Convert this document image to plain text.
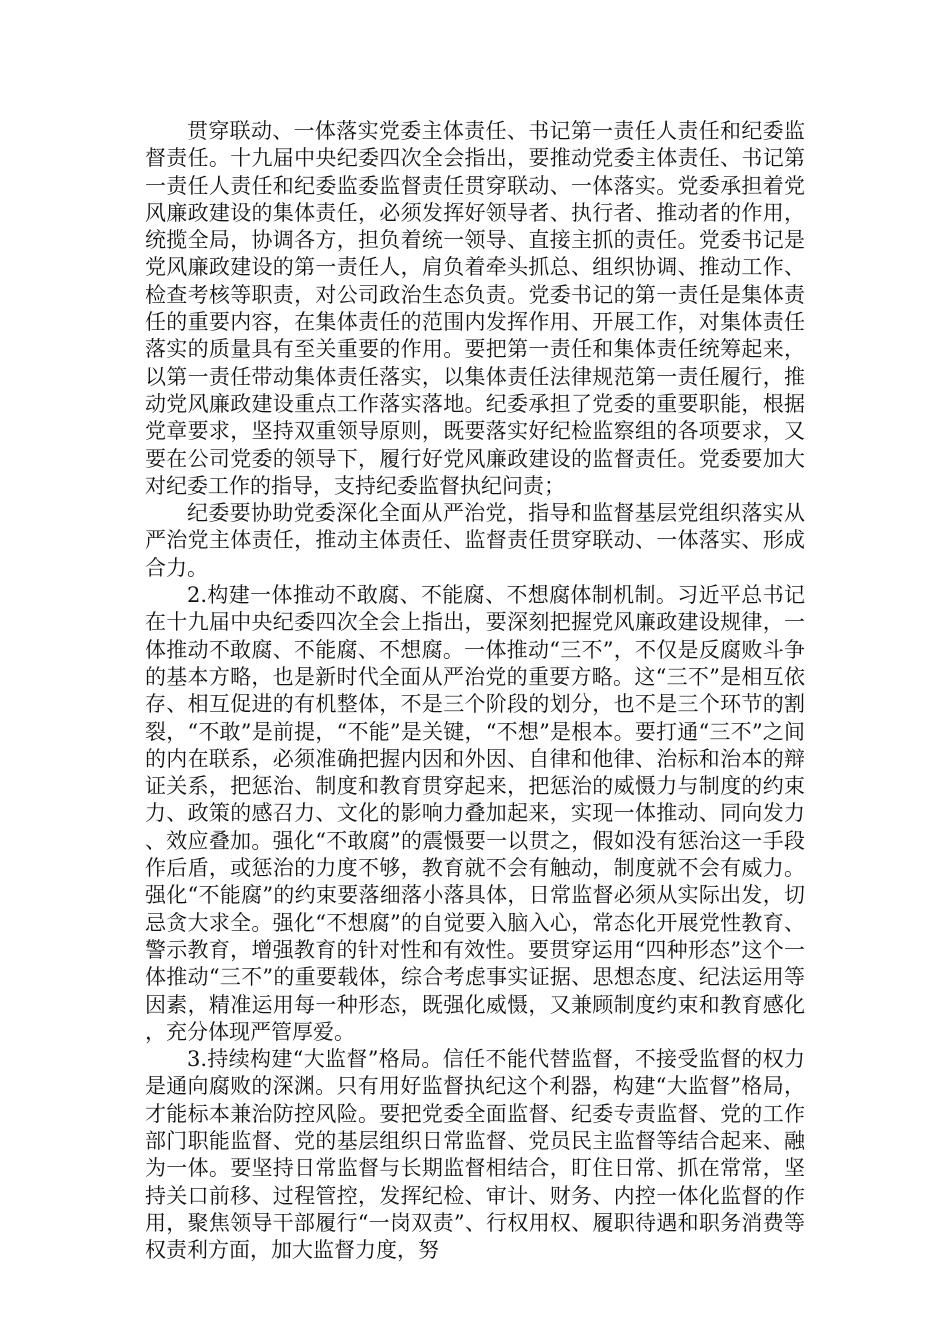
贯穿联动、一体落实党委主体责任、书记第一责任人责任和纪委监督责任。十九届中央纪委四次全会指出，要推动党委主体责任、书记第一责任人责任和纪委监委监督责任贯穿联动、一体落实。党委承担着党风廉政建设的集体责任，必须发挥好领导者、执行者、推动者的作用，统揽全局，协调各方，担负着统一领导、直接主抓的责任。党委书记是党风廉政建设的第一责任人，肩负着牵头抓总、组织协调、推动工作、检查考核等职责，对公司政治生态负责。党委书记的第一责任是集体责任的重要内容，在集体责任的范围内发挥作用、开展工作，对集体责任落实的质量具有至关重要的作用。要把第一责任和集体责任统筹起来，以第一责任带动集体责任落实，以集体责任法律规范第一责任履行，推动党风廉政建设重点工作落实落地。纪委承担了党委的重要职能，根据党章要求，坚持双重领导原则，既要落实好纪检监察组的各项要求，又要在公司党委的领导下，履行好党风廉政建设的监督责任。党委要加大对纪委工作的指导，支持纪委监督执纪问责；

纪委要协助党委深化全面从严治党，指导和监督基层党组织落实从严治党主体责任，推动主体责任、监督责任贯穿联动、一体落实、形成合力。

2.构建一体推动不敢腐、不能腐、不想腐体制机制。习近平总书记在十九届中央纪委四次全会上指出，要深刻把握党风廉政建设规律，一体推动不敢腐、不能腐、不想腐。一体推动“三不”，不仅是反腐败斗争的基本方略，也是新时代全面从严治党的重要方略。这“三不”是相互依存、相互促进的有机整体，不是三个阶段的划分，也不是三个环节的割裂，“不敢”是前提，“不能”是关键，“不想”是根本。要打通“三不”之间的内在联系，必须准确把握内因和外因、自律和他律、治标和治本的辩证关系，把惩治、制度和教育贯穿起来，把惩治的威慑力与制度的约束力、政策的感召力、文化的影响力叠加起来，实现一体推动、同向发力、效应叠加。强化“不敢腐”的震慑要一以贯之，假如没有惩治这一手段作后盾，或惩治的力度不够，教育就不会有触动，制度就不会有威力。强化“不能腐”的约束要落细落小落具体，日常监督必须从实际出发，切忌贪大求全。强化“不想腐”的自觉要入脑入心，常态化开展党性教育、警示教育，增强教育的针对性和有效性。要贯穿运用“四种形态”这个一体推动“三不”的重要载体，综合考虑事实证据、思想态度、纪法运用等因素，精准运用每一种形态，既强化威慑，又兼顾制度约束和教育感化，充分体现严管厚爱。

3.持续构建“大监督”格局。信任不能代替监督，不接受监督的权力是通向腐败的深渊。只有用好监督执纪这个利器，构建“大监督”格局，才能标本兼治防控风险。要把党委全面监督、纪委专责监督、党的工作部门职能监督、党的基层组织日常监督、党员民主监督等结合起来、融为一体。要坚持日常监督与长期监督相结合，盯住日常、抓在常常，坚持关口前移、过程管控，发挥纪检、审计、财务、内控一体化监督的作用，聚焦领导干部履行“一岗双责”、行权用权、履职待遇和职务消费等权责利方面，加大监督力度，努
